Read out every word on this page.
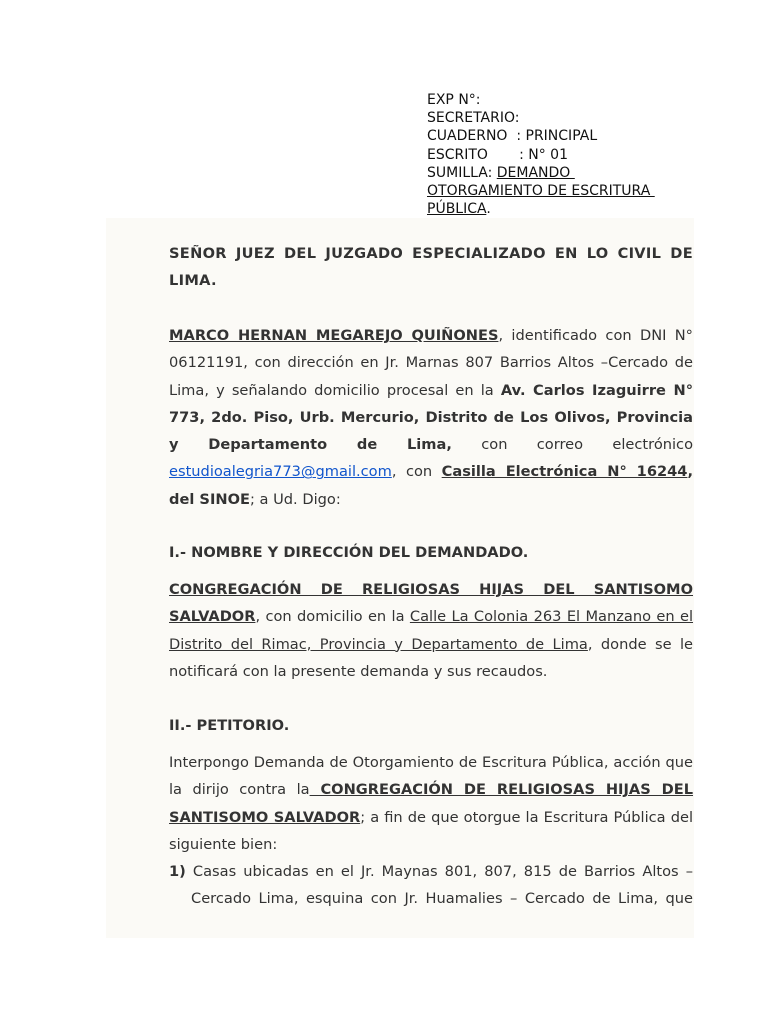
EXP N°:
SECRETARIO:
CUADERNO  : PRINCIPAL
ESCRITO       : N° 01
SUMILLA: DEMANDO
OTORGAMIENTO DE ESCRITURA
PÚBLICA.
SEÑOR JUEZ DEL JUZGADO ESPECIALIZADO EN LO CIVIL DE LIMA.
MARCO HERNAN MEGAREJO QUIÑONES, identificado con DNI N° 06121191, con dirección en Jr. Marnas 807 Barrios Altos –Cercado de Lima, y señalando domicilio procesal en la Av. Carlos Izaguirre N° 773, 2do. Piso, Urb. Mercurio, Distrito de Los Olivos, Provincia y Departamento de Lima, con correo electrónico estudioalegria773@gmail.com, con Casilla Electrónica N° 16244, del SINOE; a Ud. Digo:
I.- NOMBRE Y DIRECCIÓN DEL DEMANDADO.
CONGREGACIÓN DE RELIGIOSAS HIJAS DEL SANTISOMO SALVADOR, con domicilio en la Calle La Colonia 263 El Manzano en el Distrito del Rimac, Provincia y Departamento de Lima, donde se le notificará con la presente demanda y sus recaudos.
II.- PETITORIO.
Interpongo Demanda de Otorgamiento de Escritura Pública, acción que la dirijo contra la CONGREGACIÓN DE RELIGIOSAS HIJAS DEL SANTISOMO SALVADOR; a fin de que otorgue la Escritura Pública del siguiente bien:
1) Casas ubicadas en el Jr. Maynas 801, 807, 815 de Barrios Altos – Cercado Lima, esquina con Jr. Huamalies – Cercado de Lima, que
